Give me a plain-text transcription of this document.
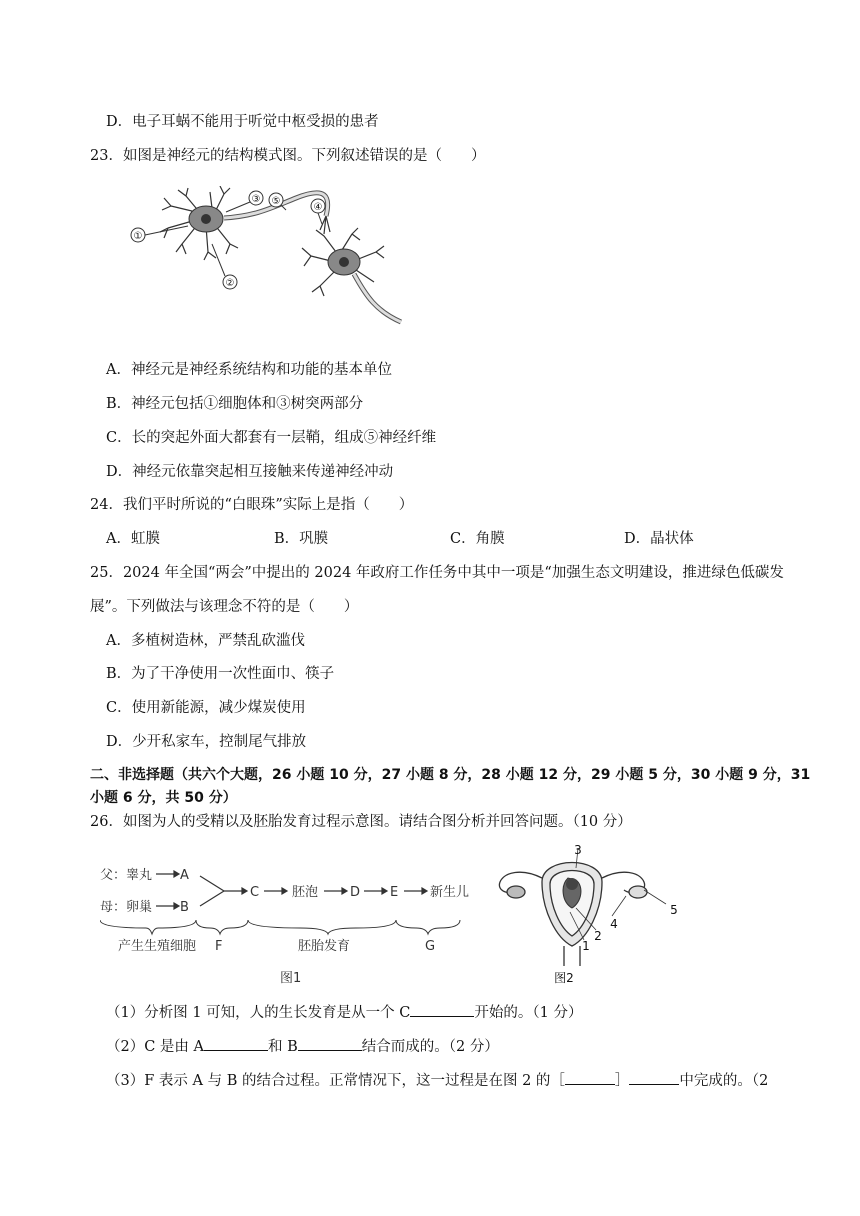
D．电子耳蜗不能用于听觉中枢受损的患者
23．如图是神经元的结构模式图。下列叙述错误的是（　　）
①
②
③
④
⑤
A．神经元是神经系统结构和功能的基本单位
B．神经元包括①细胞体和③树突两部分
C．长的突起外面大都套有一层鞘，组成⑤神经纤维
D．神经元依靠突起相互接触来传递神经冲动
24．我们平时所说的“白眼珠”实际上是指（　　）
A．虹膜	B．巩膜	C．角膜	D．晶状体
25．2024 年全国“两会”中提出的 2024 年政府工作任务中其中一项是“加强生态文明建设，推进绿色低碳发
展”。下列做法与该理念不符的是（　　）
A．多植树造林，严禁乱砍滥伐
B．为了干净使用一次性面巾、筷子
C．使用新能源，减少煤炭使用
D．少开私家车，控制尾气排放
二、非选择题（共六个大题，26 小题 10 分，27 小题 8 分，28 小题 12 分，29 小题 5 分，30 小题 9 分，31
小题 6 分，共 50 分）
26．如图为人的受精以及胚胎发育过程示意图。请结合图分析并回答问题。（10 分）
父：睾丸
母：卵巢
A
B
C	胚泡 D E 新生儿
产生生殖细胞 F	胚胎发育	G
图1
3
2
1
4
5
图2
（1）分析图 1 可知，人的生长发育是从一个 C	开始的。（1 分）
（2）C 是由 A	和 B	结合而成的。（2 分）
（3）F 表示 A 与 B 的结合过程。正常情况下，这一过程是在图 2 的［	］	中完成的。（2
